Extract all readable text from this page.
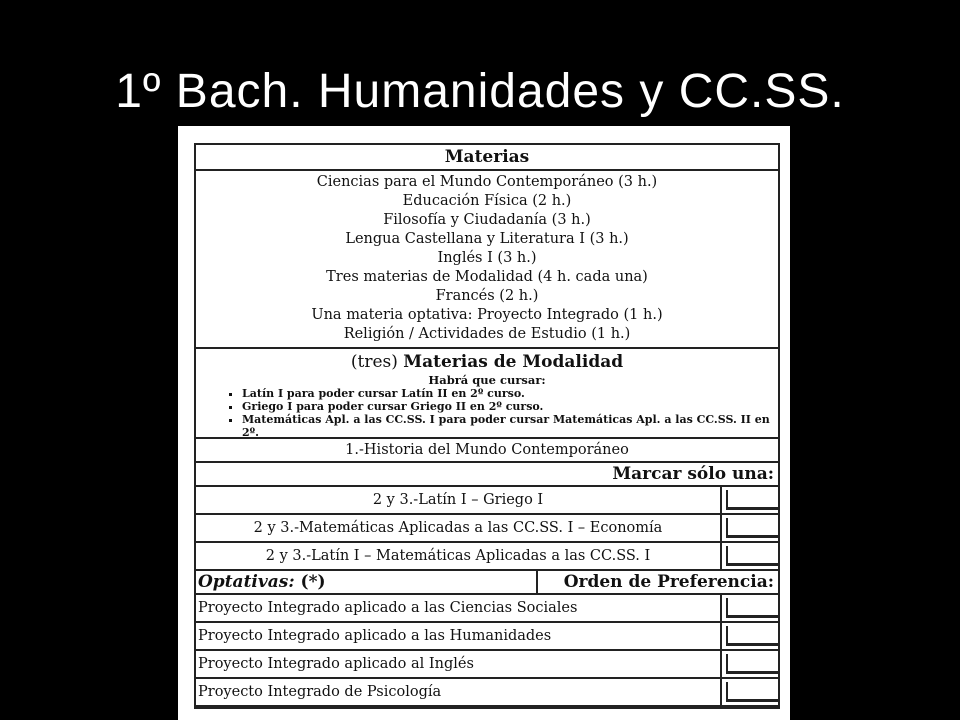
1º Bach. Humanidades y CC.SS.
Materias
Ciencias para el Mundo Contemporáneo (3 h.)
Educación Física (2 h.)
Filosofía y Ciudadanía (3 h.)
Lengua Castellana y Literatura I (3 h.)
Inglés I (3 h.)
Tres materias de Modalidad (4 h. cada una)
Francés (2 h.)
Una materia optativa: Proyecto Integrado (1 h.)
Religión / Actividades de Estudio (1 h.)
(tres) Materias de Modalidad
Habrá que cursar:
▪ Latín I para poder cursar Latín II en 2º curso.
▪ Griego I para poder cursar Griego II en 2º curso.
▪ Matemáticas Apl. a las CC.SS. I para poder cursar Matemáticas Apl. a las CC.SS. II en 2º.
1.-Historia del Mundo Contemporáneo
Marcar sólo una:
2 y 3.-Latín I – Griego I
2 y 3.-Matemáticas Aplicadas a las CC.SS. I – Economía
2 y 3.-Latín I – Matemáticas Aplicadas a las CC.SS. I
Optativas: (*)	Orden de Preferencia:
Proyecto Integrado aplicado a las Ciencias Sociales
Proyecto Integrado aplicado a las Humanidades
Proyecto Integrado aplicado al Inglés
Proyecto Integrado de Psicología
